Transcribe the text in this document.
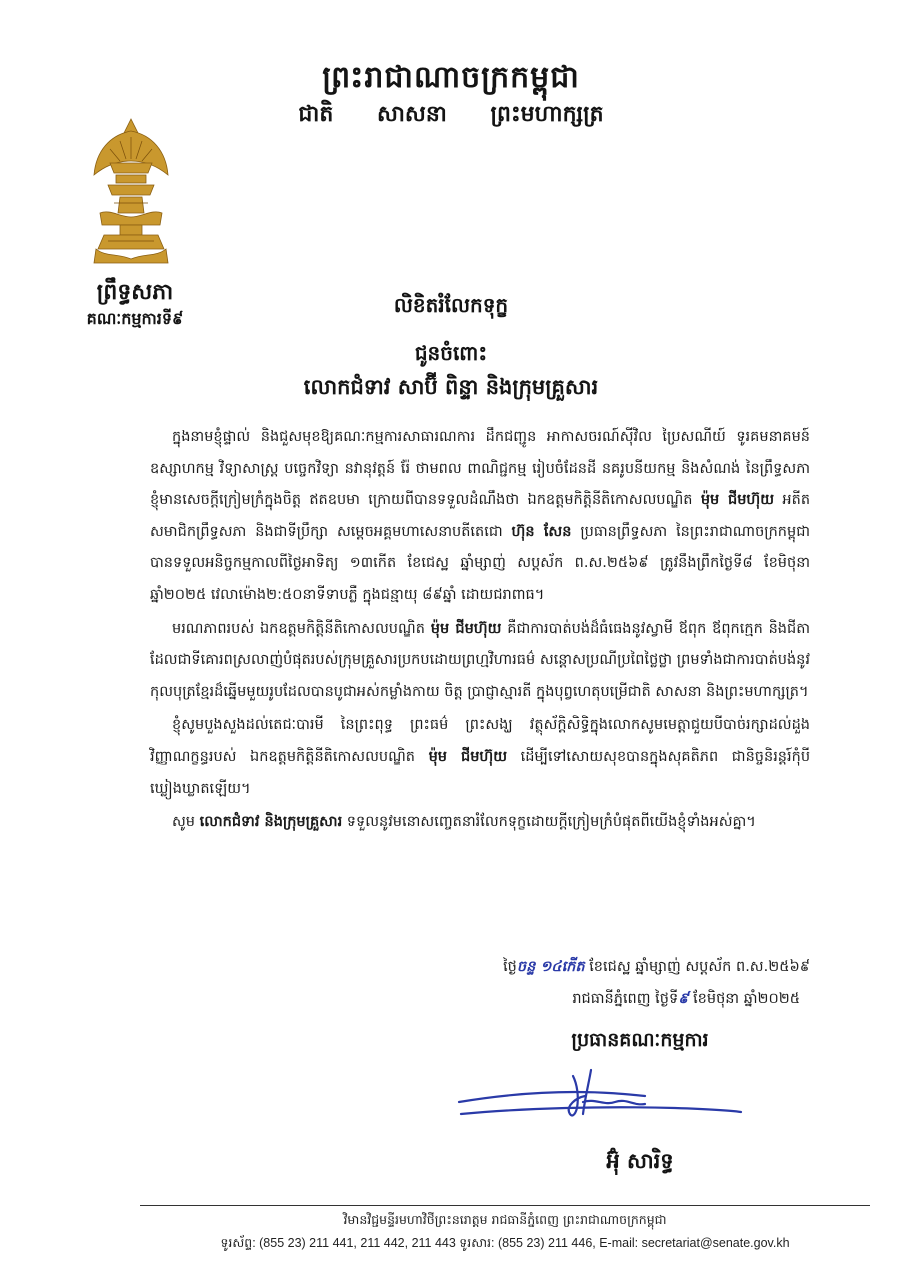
ព្រះរាជាណាចក្រកម្ពុជា
ជាតិ សាសនា ព្រះមហាក្សត្រ
ព្រឹទ្ធសភា
គណៈកម្មការទី៩
លិខិតរំលែកទុក្ខ
ជូនចំពោះ
លោកជំទាវ សាប៊ី ពិន្ទា និងក្រុមគ្រួសារ

ក្នុងនាមខ្ញុំផ្ទាល់ និងជួសមុខឱ្យគណៈកម្មការសាធារណការ ដឹកជញ្ជូន អាកាសចរណ៍ស៊ីវិល ប្រៃសណីយ៍ ទូរគមនាគមន៍ ឧស្សាហកម្ម វិទ្យាសាស្ត្រ បច្ចេកវិទ្យា នវានុវត្តន៍ រ៉ែ ថាមពល ពាណិជ្ជកម្ម រៀបចំដែនដី នគរូបនីយកម្ម និងសំណង់ នៃព្រឹទ្ធសភា ខ្ញុំមានសេចក្តីក្រៀមក្រំក្នុងចិត្ត ឥតឧបមា ក្រោយពីបានទទួលដំណឹងថា ឯកឧត្តមកិត្តិនីតិកោសលបណ្ឌិត ម៉ុម ជីមហ៊ុយ អតីតសមាជិកព្រឹទ្ធសភា និងជាទីប្រឹក្សា សម្តេចអគ្គមហាសេនាបតីតេជោ ហ៊ុន សែន ប្រធានព្រឹទ្ធសភា នៃព្រះរាជាណាចក្រកម្ពុជា បានទទួលអនិច្ចកម្មកាលពីថ្ងៃអាទិត្យ ១៣កើត ខែជេស្ឋ ឆ្នាំម្សាញ់ សប្តស័ក ព.ស.២៥៦៩ ត្រូវនឹងព្រឹកថ្ងៃទី៨ ខែមិថុនា ឆ្នាំ២០២៥ វេលាម៉ោង២:៥០នាទីទាបភ្លឺ ក្នុងជន្មាយុ ៨៩ឆ្នាំ ដោយជរាពាធ។

មរណភាពរបស់ ឯកឧត្តមកិត្តិនីតិកោសលបណ្ឌិត ម៉ុម ជីមហ៊ុយ គឺជាការបាត់បង់ដ៏ធំធេងនូវស្វាមី ឪពុក ឪពុកក្មេក និងជីតា ដែលជាទីគោរពស្រលាញ់បំផុតរបស់ក្រុមគ្រួសារប្រកបដោយព្រហ្មវិហារធម៌ សន្តោសប្រណីប្រពៃថ្លៃថ្លា ព្រមទាំងជាការបាត់បង់នូវកុលបុត្រខ្មែរដ៏ឆ្នើមមួយរូបដែលបានបូជាអស់កម្លាំងកាយ ចិត្ត ប្រាជ្ញាស្មារតី ក្នុងបុព្វហេតុបម្រើជាតិ សាសនា និងព្រះមហាក្សត្រ។

ខ្ញុំសូមបួងសួងដល់តេជៈបារមី នៃព្រះពុទ្ធ ព្រះធម៌ ព្រះសង្ឃ វត្ថុស័ក្តិសិទ្ធិក្នុងលោកសូមមេត្តាជួយបីបាច់រក្សាដល់ដួងវិញ្ញាណក្ខន្ធរបស់ ឯកឧត្តមកិត្តិនីតិកោសលបណ្ឌិត ម៉ុម ជីមហ៊ុយ ដើម្បីទៅសោយសុខបានក្នុងសុគតិភព ជានិច្ចនិរន្តរ៍កុំបីឃ្លៀងឃ្លាតឡើយ។

សូម លោកជំទាវ និងក្រុមគ្រួសារ ទទួលនូវមនោសញ្ចេតនារំលែកទុក្ខដោយក្តីក្រៀមក្រំបំផុតពីយើងខ្ញុំទាំងអស់គ្នា។

ថ្ងៃចន្ទ ១៤កើត ខែជេស្ឋ ឆ្នាំម្សាញ់ សប្តស័ក ព.ស.២៥៦៩
រាជធានីភ្នំពេញ ថ្ងៃទី៩ ខែមិថុនា ឆ្នាំ២០២៥
ប្រធានគណៈកម្មការ
អ៊ុំ សារិទ្ធ
វិមានវិជ្ជមន្ទីរមហាវិថីព្រះនរោត្តម រាជធានីភ្នំពេញ ព្រះរាជាណាចក្រកម្ពុជា
ទូរស័ព្ទ: (855 23) 211 441, 211 442, 211 443 ទូរសារ: (855 23) 211 446, E-mail: secretariat@senate.gov.kh
